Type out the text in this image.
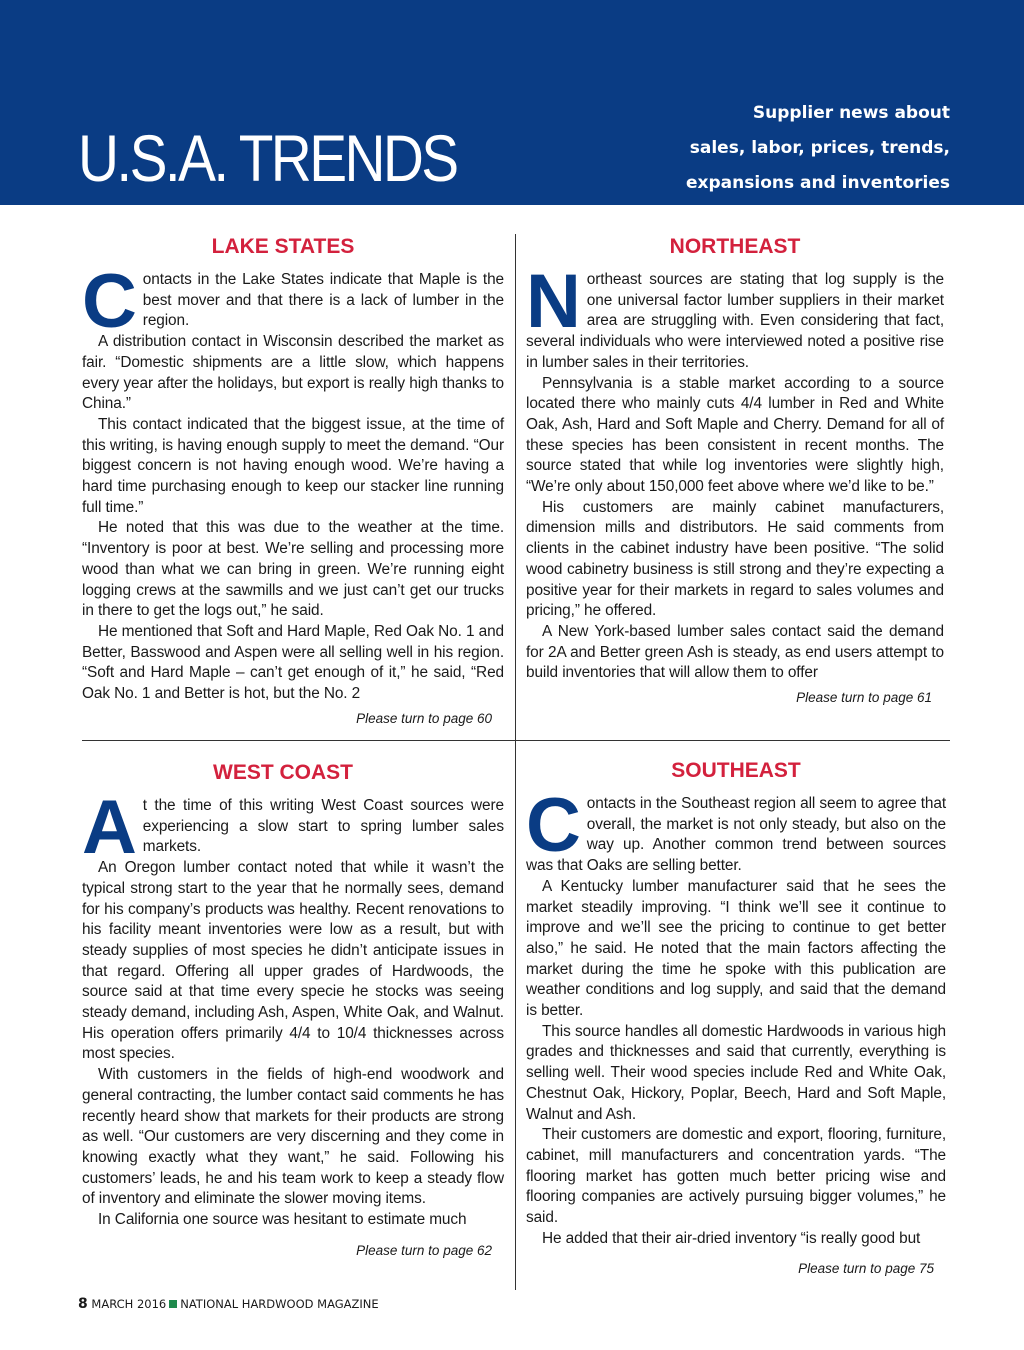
U.S.A. TRENDS
Supplier news about
sales, labor, prices, trends,
expansions and inventories
LAKE STATES

Contacts in the Lake States indicate that Maple is the best mover and that there is a lack of lumber in the region.

A distribution contact in Wisconsin described the market as fair. “Domestic shipments are a little slow, which happens every year after the holidays, but export is really high thanks to China.”

This contact indicated that the biggest issue, at the time of this writing, is having enough supply to meet the demand. “Our biggest concern is not having enough wood. We’re having a hard time purchasing enough to keep our stacker line running full time.”

He noted that this was due to the weather at the time. “Inventory is poor at best. We’re selling and processing more wood than what we can bring in green. We’re running eight logging crews at the sawmills and we just can’t get our trucks in there to get the logs out,” he said.

He mentioned that Soft and Hard Maple, Red Oak No. 1 and Better, Basswood and Aspen were all selling well in his region. “Soft and Hard Maple – can’t get enough of it,” he said, “Red Oak No. 1 and Better is hot, but the No. 2

Please turn to page 60
NORTHEAST

Northeast sources are stating that log supply is the one universal factor lumber suppliers in their market area are struggling with. Even considering that fact, several individuals who were interviewed noted a positive rise in lumber sales in their territories.

Pennsylvania is a stable market according to a source located there who mainly cuts 4/4 lumber in Red and White Oak, Ash, Hard and Soft Maple and Cherry. Demand for all of these species has been consistent in recent months. The source stated that while log inventories were slightly high, “We’re only about 150,000 feet above where we’d like to be.”

His customers are mainly cabinet manufacturers, dimension mills and distributors. He said comments from clients in the cabinet industry have been positive. “The solid wood cabinetry business is still strong and they’re expecting a positive year for their markets in regard to sales volumes and pricing,” he offered.

A New York-based lumber sales contact said the demand for 2A and Better green Ash is steady, as end users attempt to build inventories that will allow them to offer

Please turn to page 61
WEST COAST

At the time of this writing West Coast sources were experiencing a slow start to spring lumber sales markets.

An Oregon lumber contact noted that while it wasn’t the typical strong start to the year that he normally sees, demand for his company’s products was healthy. Recent renovations to his facility meant inventories were low as a result, but with steady supplies of most species he didn’t anticipate issues in that regard. Offering all upper grades of Hardwoods, the source said at that time every specie he stocks was seeing steady demand, including Ash, Aspen, White Oak, and Walnut. His operation offers primarily 4/4 to 10/4 thicknesses across most species.

With customers in the fields of high-end woodwork and general contracting, the lumber contact said comments he has recently heard show that markets for their products are strong as well. “Our customers are very discerning and they come in knowing exactly what they want,” he said. Following his customers’ leads, he and his team work to keep a steady flow of inventory and eliminate the slower moving items.

In California one source was hesitant to estimate much

Please turn to page 62
SOUTHEAST

Contacts in the Southeast region all seem to agree that overall, the market is not only steady, but also on the way up. Another common trend between sources was that Oaks are selling better.

A Kentucky lumber manufacturer said that he sees the market steadily improving. “I think we’ll see it continue to improve and we’ll see the pricing to continue to get better also,” he said. He noted that the main factors affecting the market during the time he spoke with this publication are weather conditions and log supply, and said that the demand is better.

This source handles all domestic Hardwoods in various high grades and thicknesses and said that currently, everything is selling well. Their wood species include Red and White Oak, Chestnut Oak, Hickory, Poplar, Beech, Hard and Soft Maple, Walnut and Ash.

Their customers are domestic and export, flooring, furniture, cabinet, mill manufacturers and concentration yards. “The flooring market has gotten much better pricing wise and flooring companies are actively pursuing bigger volumes,” he said.

He added that their air-dried inventory “is really good but

Please turn to page 75
8 MARCH 2016 NATIONAL HARDWOOD MAGAZINE
